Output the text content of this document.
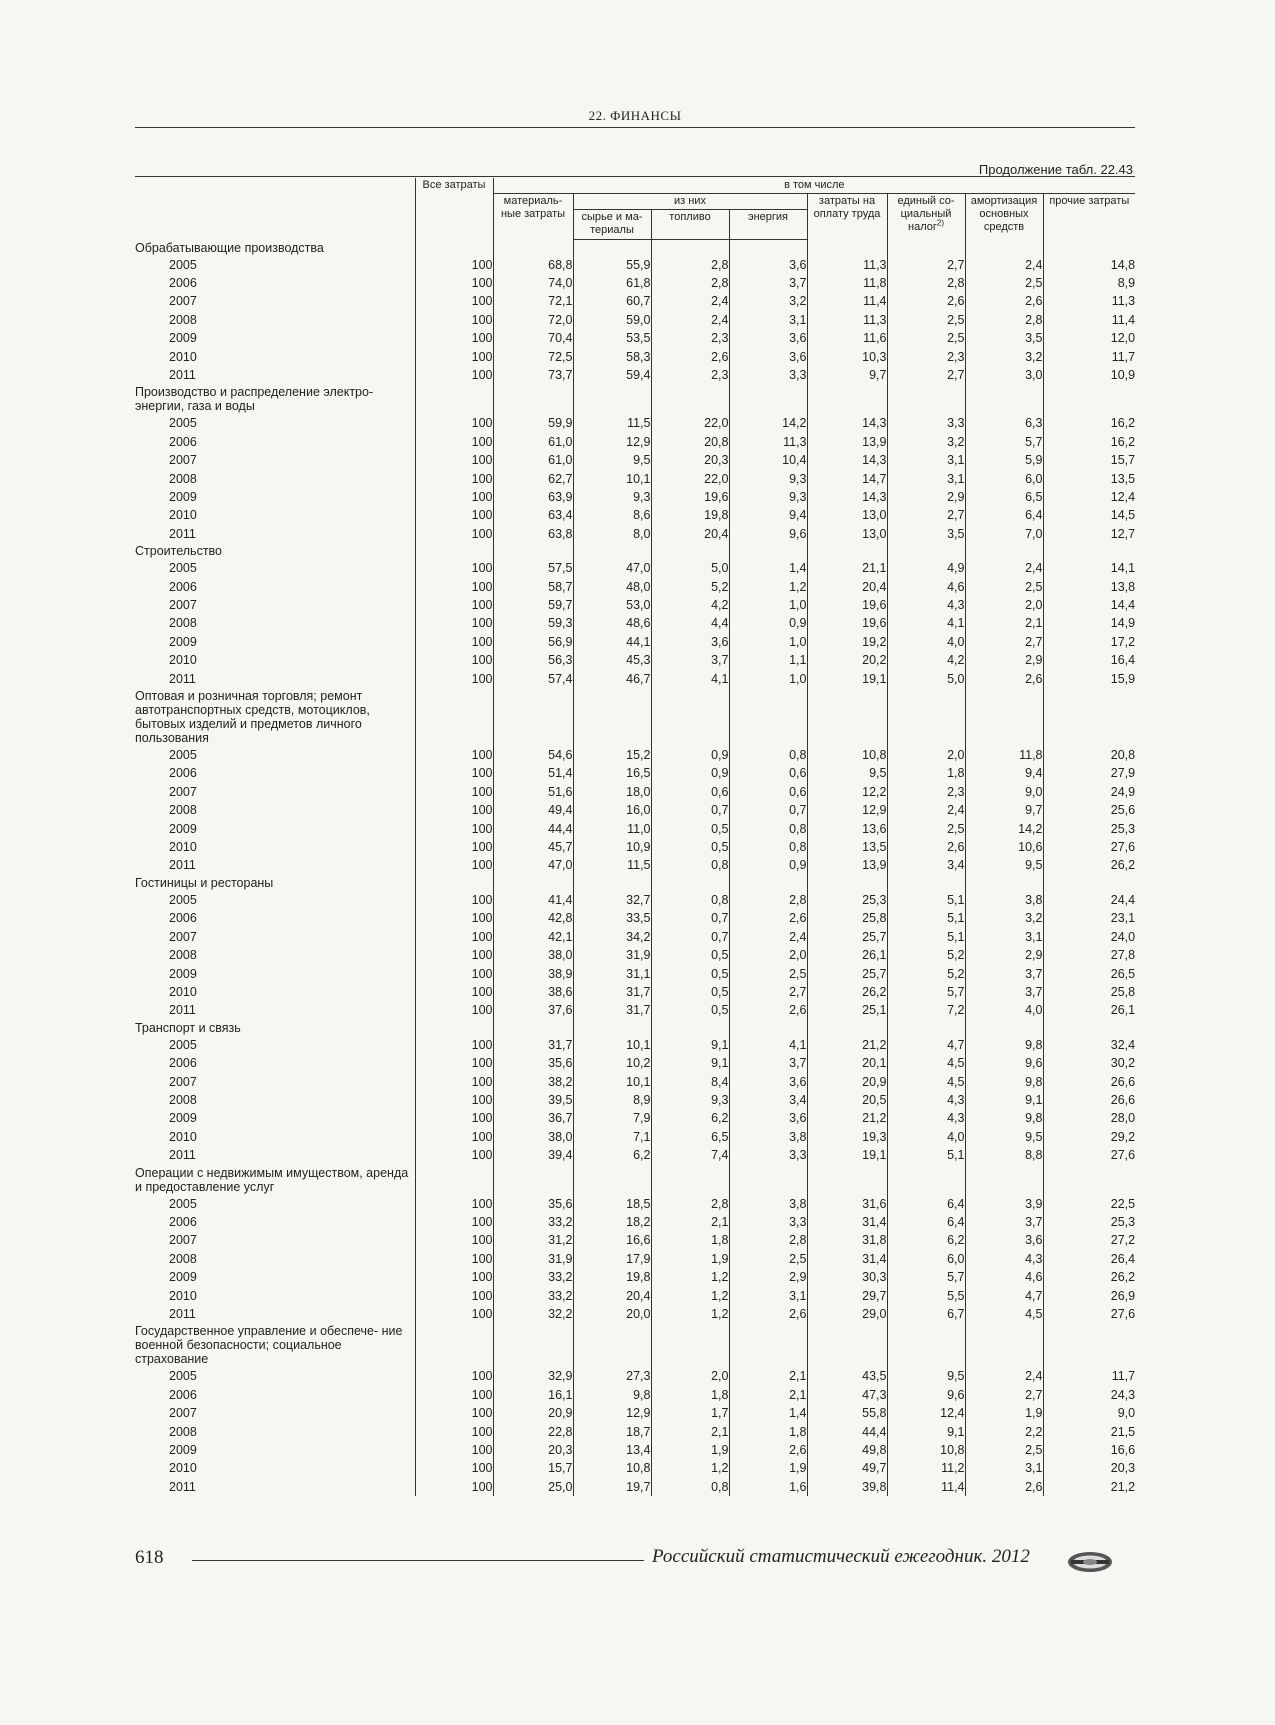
22. ФИНАНСЫ
Продолжение табл. 22.43
	Все затраты	в том числе							
		материаль- ные затраты	из них			затраты на оплату труда	единый со- циальный налог$^{2)}$	амортизация основных средств	прочие затраты
			сырье и ма- териалы	топливо	энергия				
Обрабатывающие производства									
2005	100	68,8	55,9	2,8	3,6	11,3	2,7	2,4	14,8
2006	100	74,0	61,8	2,8	3,7	11,8	2,8	2,5	8,9
2007	100	72,1	60,7	2,4	3,2	11,4	2,6	2,6	11,3
2008	100	72,0	59,0	2,4	3,1	11,3	2,5	2,8	11,4
2009	100	70,4	53,5	2,3	3,6	11,6	2,5	3,5	12,0
2010	100	72,5	58,3	2,6	3,6	10,3	2,3	3,2	11,7
2011	100	73,7	59,4	2,3	3,3	9,7	2,7	3,0	10,9
Производство и распределение электро- энергии, газа и воды									
2005	100	59,9	11,5	22,0	14,2	14,3	3,3	6,3	16,2
2006	100	61,0	12,9	20,8	11,3	13,9	3,2	5,7	16,2
2007	100	61,0	9,5	20,3	10,4	14,3	3,1	5,9	15,7
2008	100	62,7	10,1	22,0	9,3	14,7	3,1	6,0	13,5
2009	100	63,9	9,3	19,6	9,3	14,3	2,9	6,5	12,4
2010	100	63,4	8,6	19,8	9,4	13,0	2,7	6,4	14,5
2011	100	63,8	8,0	20,4	9,6	13,0	3,5	7,0	12,7
Строительство									
2005	100	57,5	47,0	5,0	1,4	21,1	4,9	2,4	14,1
2006	100	58,7	48,0	5,2	1,2	20,4	4,6	2,5	13,8
2007	100	59,7	53,0	4,2	1,0	19,6	4,3	2,0	14,4
2008	100	59,3	48,6	4,4	0,9	19,6	4,1	2,1	14,9
2009	100	56,9	44,1	3,6	1,0	19,2	4,0	2,7	17,2
2010	100	56,3	45,3	3,7	1,1	20,2	4,2	2,9	16,4
2011	100	57,4	46,7	4,1	1,0	19,1	5,0	2,6	15,9
Оптовая и розничная торговля; ремонт автотранспортных средств, мотоциклов, бытовых изделий и предметов личного пользования									
2005	100	54,6	15,2	0,9	0,8	10,8	2,0	11,8	20,8
2006	100	51,4	16,5	0,9	0,6	9,5	1,8	9,4	27,9
2007	100	51,6	18,0	0,6	0,6	12,2	2,3	9,0	24,9
2008	100	49,4	16,0	0,7	0,7	12,9	2,4	9,7	25,6
2009	100	44,4	11,0	0,5	0,8	13,6	2,5	14,2	25,3
2010	100	45,7	10,9	0,5	0,8	13,5	2,6	10,6	27,6
2011	100	47,0	11,5	0,8	0,9	13,9	3,4	9,5	26,2
Гостиницы и рестораны									
2005	100	41,4	32,7	0,8	2,8	25,3	5,1	3,8	24,4
2006	100	42,8	33,5	0,7	2,6	25,8	5,1	3,2	23,1
2007	100	42,1	34,2	0,7	2,4	25,7	5,1	3,1	24,0
2008	100	38,0	31,9	0,5	2,0	26,1	5,2	2,9	27,8
2009	100	38,9	31,1	0,5	2,5	25,7	5,2	3,7	26,5
2010	100	38,6	31,7	0,5	2,7	26,2	5,7	3,7	25,8
2011	100	37,6	31,7	0,5	2,6	25,1	7,2	4,0	26,1
Транспорт и связь									
2005	100	31,7	10,1	9,1	4,1	21,2	4,7	9,8	32,4
2006	100	35,6	10,2	9,1	3,7	20,1	4,5	9,6	30,2
2007	100	38,2	10,1	8,4	3,6	20,9	4,5	9,8	26,6
2008	100	39,5	8,9	9,3	3,4	20,5	4,3	9,1	26,6
2009	100	36,7	7,9	6,2	3,6	21,2	4,3	9,8	28,0
2010	100	38,0	7,1	6,5	3,8	19,3	4,0	9,5	29,2
2011	100	39,4	6,2	7,4	3,3	19,1	5,1	8,8	27,6
Операции с недвижимым имуществом, аренда и предоставление услуг									
2005	100	35,6	18,5	2,8	3,8	31,6	6,4	3,9	22,5
2006	100	33,2	18,2	2,1	3,3	31,4	6,4	3,7	25,3
2007	100	31,2	16,6	1,8	2,8	31,8	6,2	3,6	27,2
2008	100	31,9	17,9	1,9	2,5	31,4	6,0	4,3	26,4
2009	100	33,2	19,8	1,2	2,9	30,3	5,7	4,6	26,2
2010	100	33,2	20,4	1,2	3,1	29,7	5,5	4,7	26,9
2011	100	32,2	20,0	1,2	2,6	29,0	6,7	4,5	27,6
Государственное управление и обеспече- ние военной безопасности; социальное страхование									
2005	100	32,9	27,3	2,0	2,1	43,5	9,5	2,4	11,7
2006	100	16,1	9,8	1,8	2,1	47,3	9,6	2,7	24,3
2007	100	20,9	12,9	1,7	1,4	55,8	12,4	1,9	9,0
2008	100	22,8	18,7	2,1	1,8	44,4	9,1	2,2	21,5
2009	100	20,3	13,4	1,9	2,6	49,8	10,8	2,5	16,6
2010	100	15,7	10,8	1,2	1,9	49,7	11,2	3,1	20,3
2011	100	25,0	19,7	0,8	1,6	39,8	11,4	2,6	21,2
618	Российский статистический ежегодник. 2012
